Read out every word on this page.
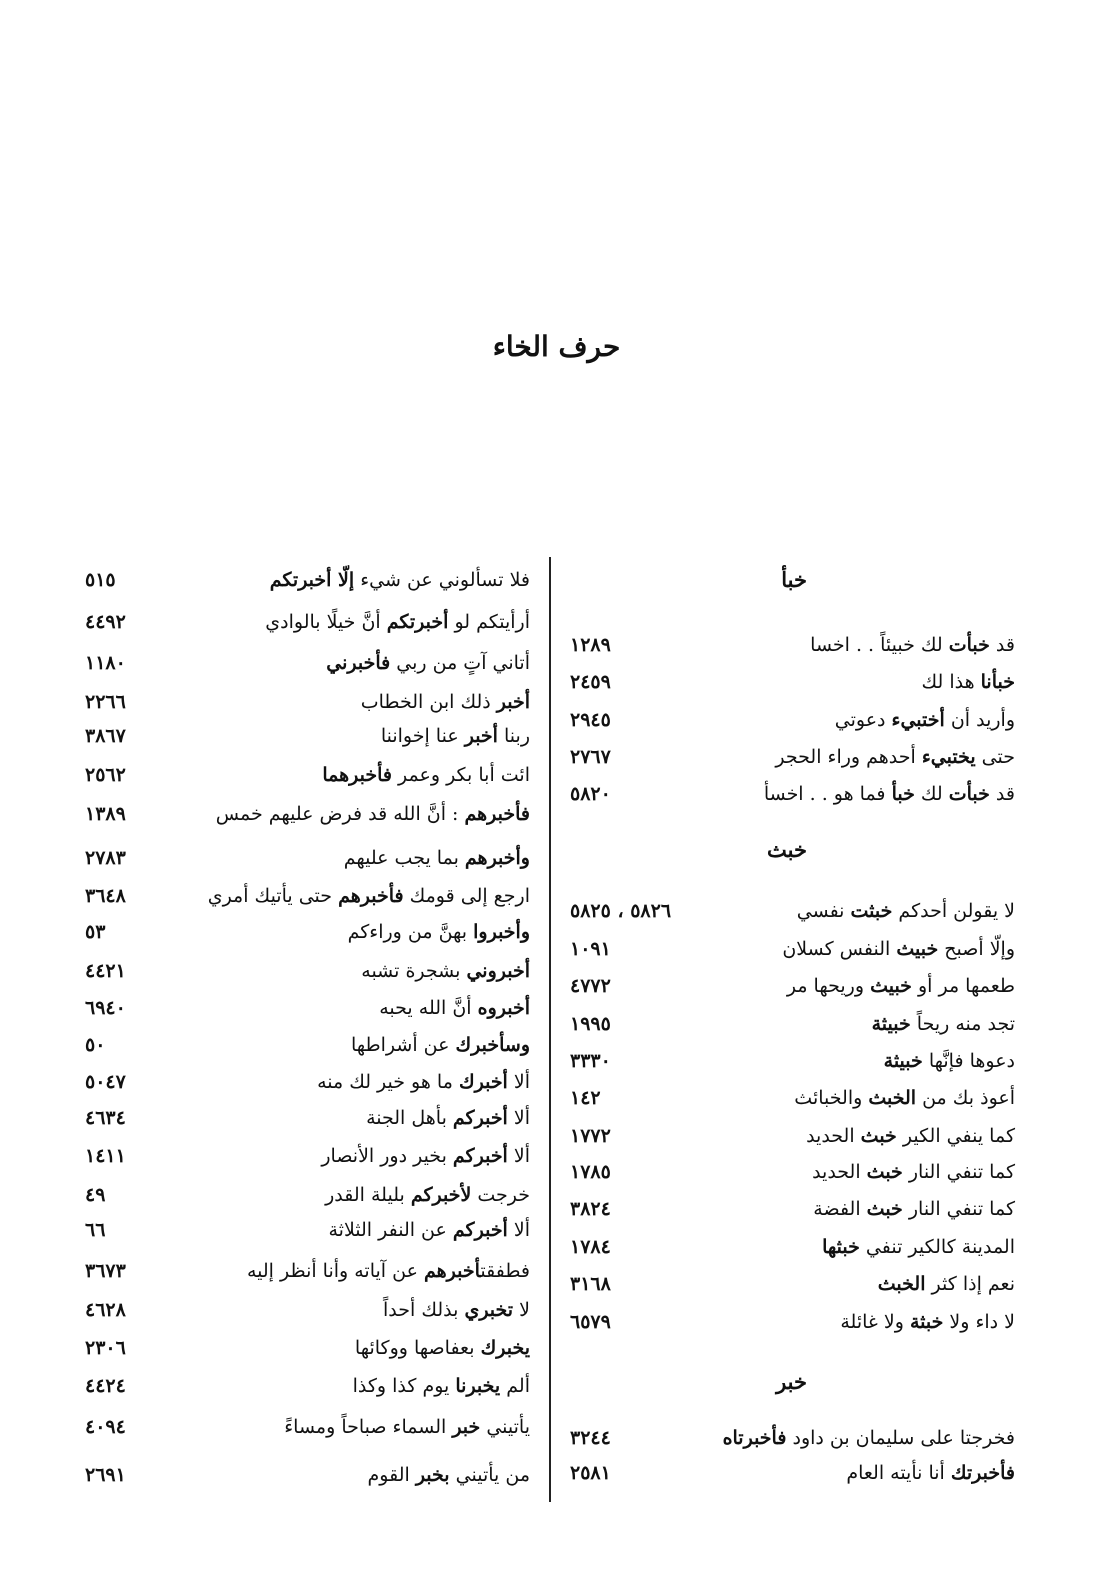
حرف الخاء
فلا تسألوني عن شيء إلّا أخبرتكم
٥١٥
أرأيتكم لو أخبرتكم أنَّ خيلًا بالوادي
٤٤٩٢
أتاني آتٍ من ربي فأخبرني
١١٨٠
أخبر ذلك ابن الخطاب
٢٢٦٦
ربنا أخبر عنا إخواننا
٣٨٦٧
ائت أبا بكر وعمر فأخبرهما
٢٥٦٢
فأخبرهم : أنَّ الله قد فرض عليهم خمس
١٣٨٩
وأخبرهم بما يجب عليهم
٢٧٨٣
ارجع إلى قومك فأخبرهم حتى يأتيك أمري
٣٦٤٨
وأخبروا بهنَّ من وراءكم
٥٣
أخبروني بشجرة تشبه
٤٤٢١
أخبروه أنَّ الله يحبه
٦٩٤٠
وسأخبرك عن أشراطها
٥٠
ألا أخبرك ما هو خير لك منه
٥٠٤٧
ألا أخبركم بأهل الجنة
٤٦٣٤
ألا أخبركم بخير دور الأنصار
١٤١١
خرجت لأخبركم بليلة القدر
٤٩
ألا أخبركم عن النفر الثلاثة
٦٦
فطفقتأخبرهم عن آياته وأنا أنظر إليه
٣٦٧٣
لا تخبري بذلك أحداً
٤٦٢٨
يخبرك بعفاصها ووكائها
٢٣٠٦
ألم يخبرنا يوم كذا وكذا
٤٤٢٤
يأتيني خبر السماء صباحاً ومساءً
٤٠٩٤
من يأتيني بخبر القوم
٢٦٩١
خبأ
قد خبأت لك خبيئاً . . اخسا
١٢٨٩
خبأنا هذا لك
٢٤٥٩
وأريد أن أختبيء دعوتي
٢٩٤٥
حتى يختبيء أحدهم وراء الحجر
٢٧٦٧
قد خبأت لك خبأ فما هو . . اخسأ
٥٨٢٠
خبث
لا يقولن أحدكم خبثت نفسي
٥٨٢٦ ، ٥٨٢٥
وإلّا أصبح خبيث النفس كسلان
١٠٩١
طعمها مر أو خبيث وريحها مر
٤٧٧٢
تجد منه ريحاً خبيثة
١٩٩٥
دعوها فإنَّها خبيثة
٣٣٣٠
أعوذ بك من الخبث والخبائث
١٤٢
كما ينفي الكير خبث الحديد
١٧٧٢
كما تنفي النار خبث الحديد
١٧٨٥
كما تنفي النار خبث الفضة
٣٨٢٤
المدينة كالكير تنفي خبثها
١٧٨٤
نعم إذا كثر الخبث
٣١٦٨
لا داء ولا خبثة ولا غائلة
٦٥٧٩
خبر
فخرجتا على سليمان بن داود فأخبرتاه
٣٢٤٤
فأخبرتك أنا نأيته العام
٢٥٨١
